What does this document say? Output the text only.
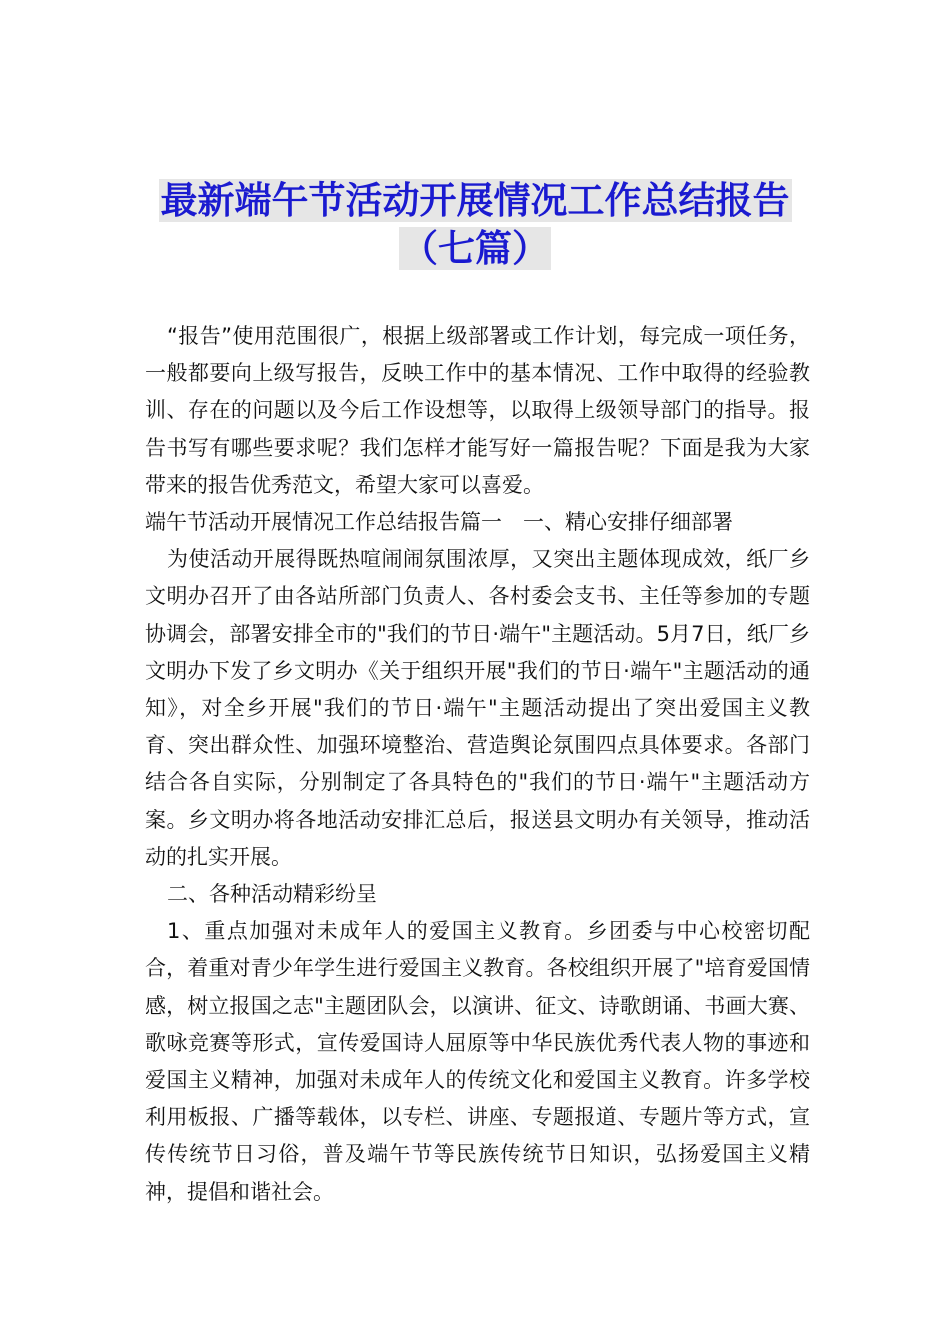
最新端午节活动开展情况工作总结报告
（七篇）

“报告”使用范围很广，根据上级部署或工作计划，每完成一项任务，一般都要向上级写报告，反映工作中的基本情况、工作中取得的经验教训、存在的问题以及今后工作设想等，以取得上级领导部门的指导。报告书写有哪些要求呢？我们怎样才能写好一篇报告呢？下面是我为大家带来的报告优秀范文，希望大家可以喜爱。

端午节活动开展情况工作总结报告篇一　一、精心安排仔细部署

为使活动开展得既热喧闹闹氛围浓厚，又突出主题体现成效，纸厂乡文明办召开了由各站所部门负责人、各村委会支书、主任等参加的专题协调会，部署安排全市的"我们的节日·端午"主题活动。5月7日，纸厂乡文明办下发了乡文明办《关于组织开展"我们的节日·端午"主题活动的通知》，对全乡开展"我们的节日·端午"主题活动提出了突出爱国主义教育、突出群众性、加强环境整治、营造舆论氛围四点具体要求。各部门结合各自实际，分别制定了各具特色的"我们的节日·端午"主题活动方案。乡文明办将各地活动安排汇总后，报送县文明办有关领导，推动活动的扎实开展。

二、各种活动精彩纷呈

1、重点加强对未成年人的爱国主义教育。乡团委与中心校密切配合，着重对青少年学生进行爱国主义教育。各校组织开展了"培育爱国情感，树立报国之志"主题团队会，以演讲、征文、诗歌朗诵、书画大赛、歌咏竞赛等形式，宣传爱国诗人屈原等中华民族优秀代表人物的事迹和爱国主义精神，加强对未成年人的传统文化和爱国主义教育。许多学校利用板报、广播等载体，以专栏、讲座、专题报道、专题片等方式，宣传传统节日习俗，普及端午节等民族传统节日知识，弘扬爱国主义精神，提倡和谐社会。
